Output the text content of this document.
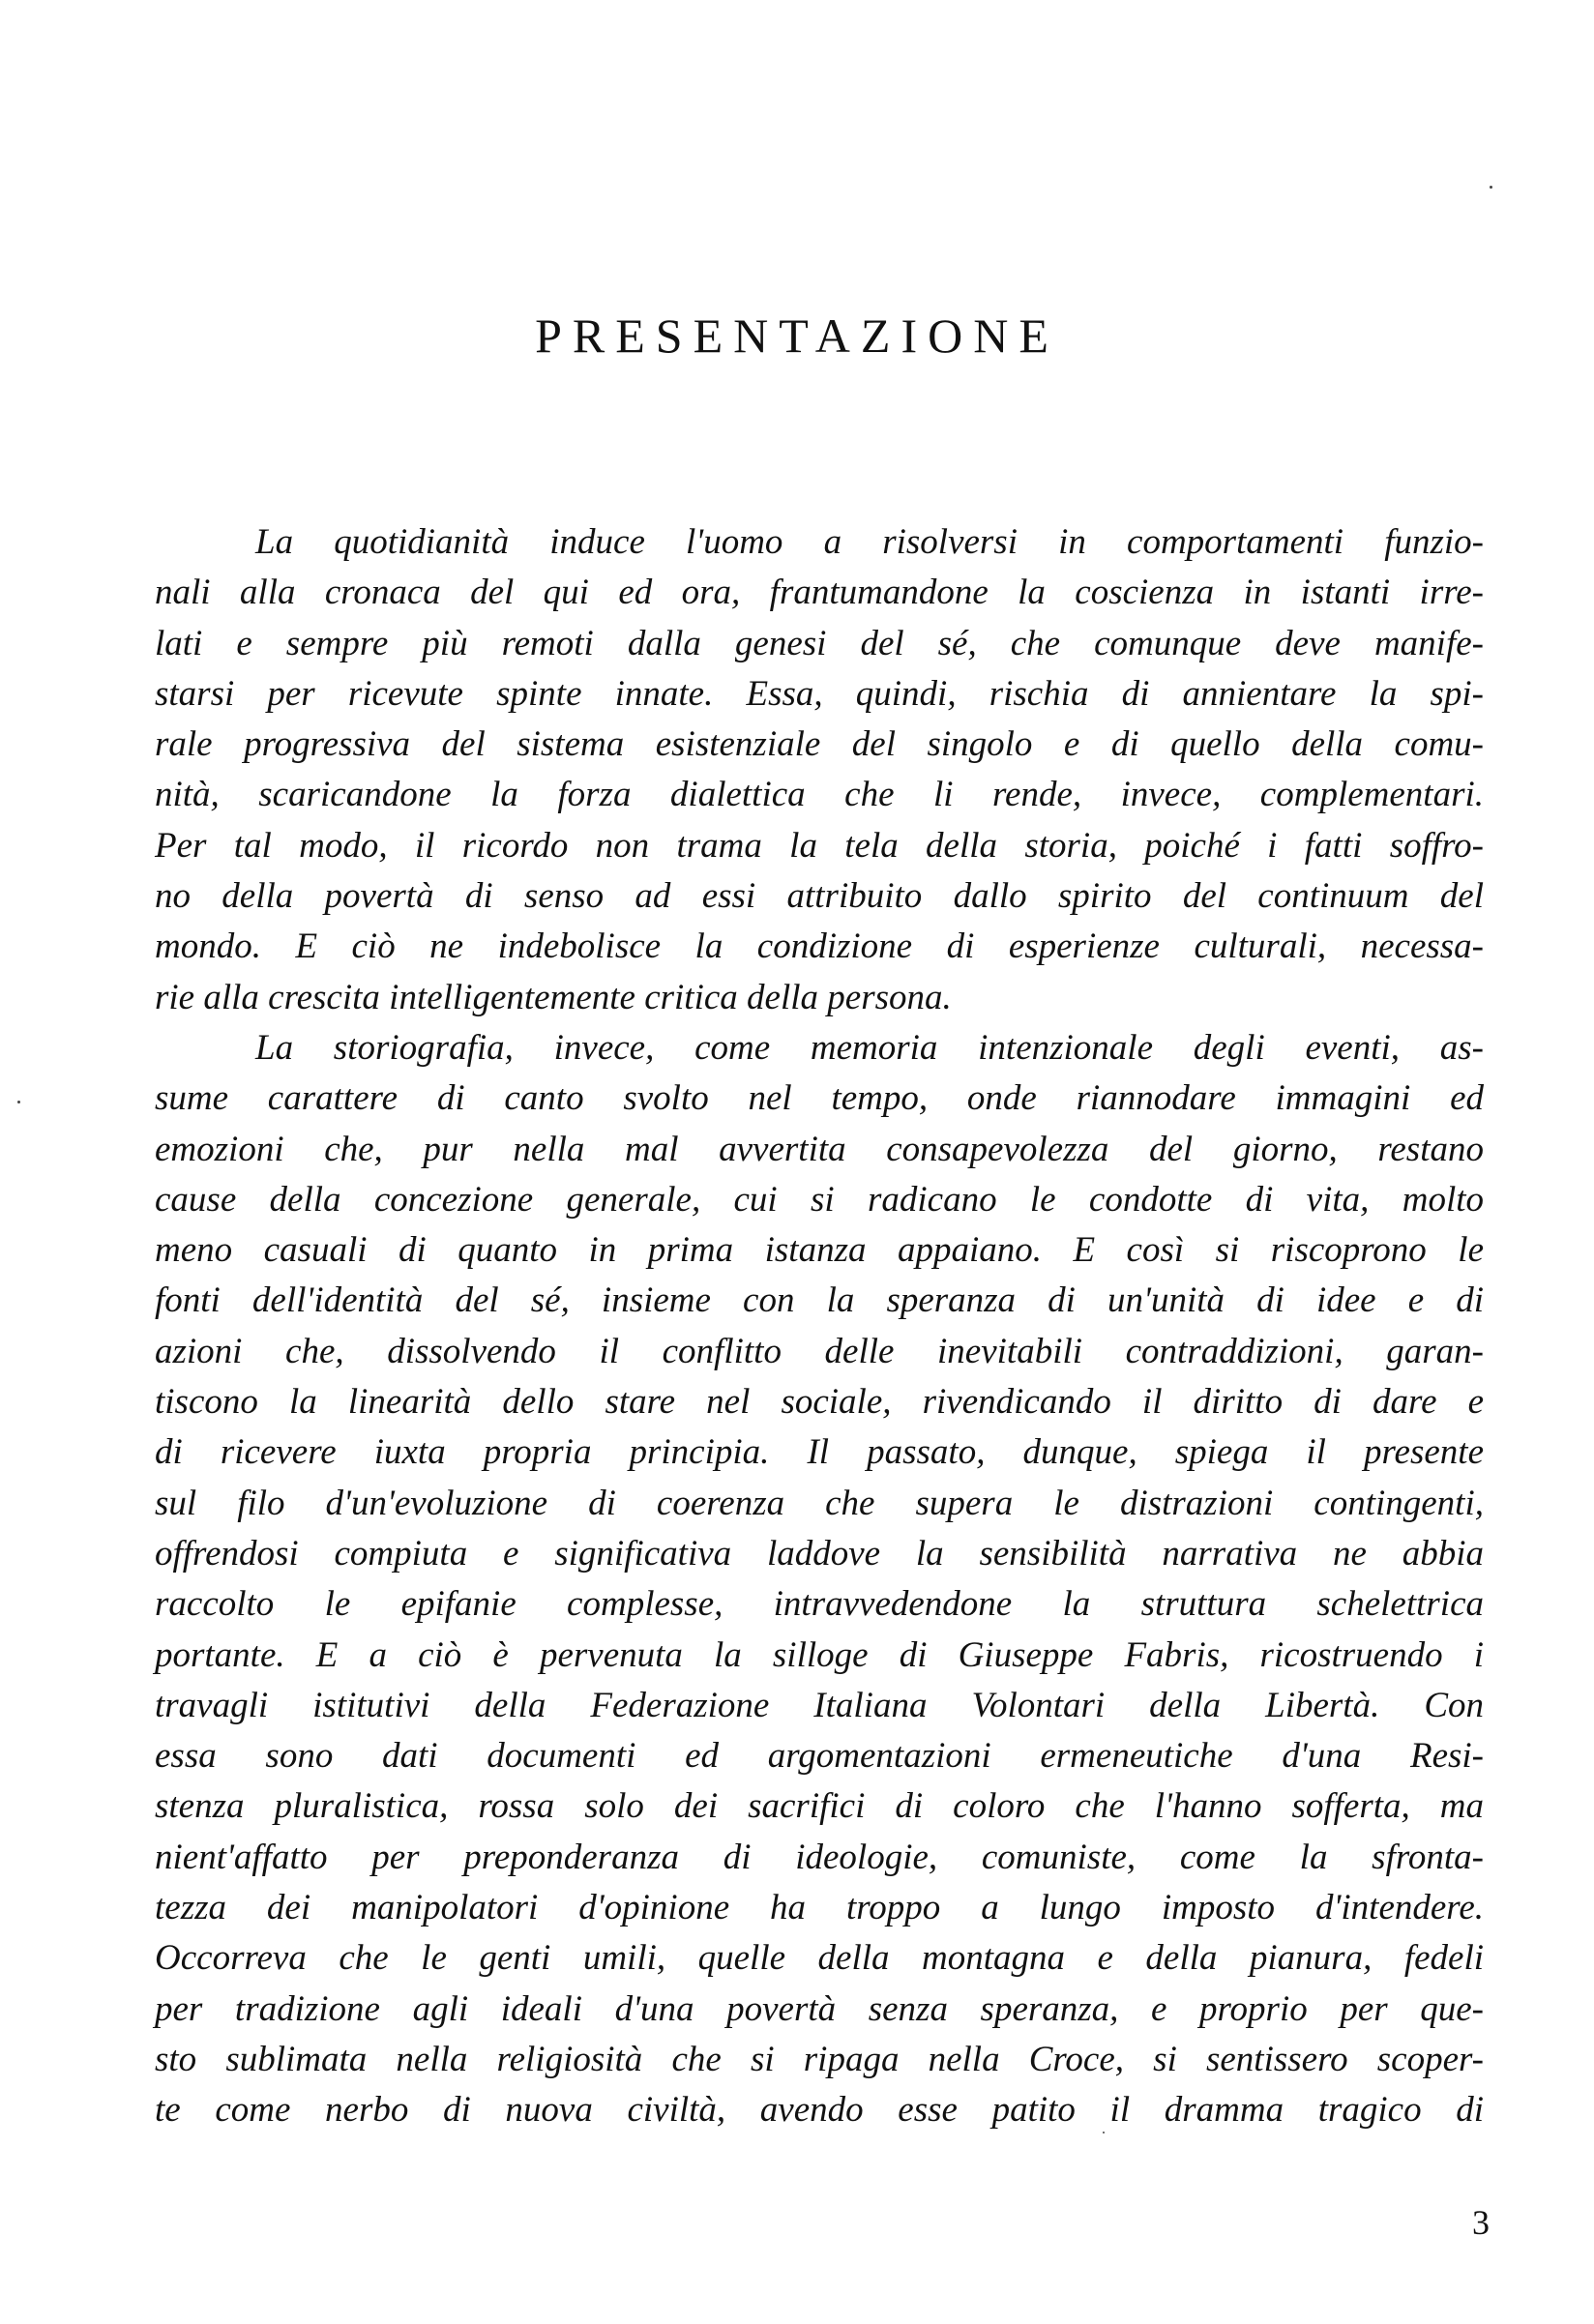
PRESENTAZIONE
La quotidianità induce l'uomo a risolversi in comportamenti funzio-
nali alla cronaca del qui ed ora, frantumandone la coscienza in istanti irre-
lati e sempre più remoti dalla genesi del sé, che comunque deve manife-
starsi per ricevute spinte innate. Essa, quindi, rischia di annientare la spi-
rale progressiva del sistema esistenziale del singolo e di quello della comu-
nità, scaricandone la forza dialettica che li rende, invece, complementari.
Per tal modo, il ricordo non trama la tela della storia, poiché i fatti soffro-
no della povertà di senso ad essi attribuito dallo spirito del continuum del
mondo. E ciò ne indebolisce la condizione di esperienze culturali, necessa-
rie alla crescita intelligentemente critica della persona.
La storiografia, invece, come memoria intenzionale degli eventi, as-
sume carattere di canto svolto nel tempo, onde riannodare immagini ed
emozioni che, pur nella mal avvertita consapevolezza del giorno, restano
cause della concezione generale, cui si radicano le condotte di vita, molto
meno casuali di quanto in prima istanza appaiano. E così si riscoprono le
fonti dell'identità del sé, insieme con la speranza di un'unità di idee e di
azioni che, dissolvendo il conflitto delle inevitabili contraddizioni, garan-
tiscono la linearità dello stare nel sociale, rivendicando il diritto di dare e
di ricevere iuxta propria principia. Il passato, dunque, spiega il presente
sul filo d'un'evoluzione di coerenza che supera le distrazioni contingenti,
offrendosi compiuta e significativa laddove la sensibilità narrativa ne abbia
raccolto le epifanie complesse, intravvedendone la struttura schelettrica
portante. E a ciò è pervenuta la silloge di Giuseppe Fabris, ricostruendo i
travagli istitutivi della Federazione Italiana Volontari della Libertà. Con
essa sono dati documenti ed argomentazioni ermeneutiche d'una Resi-
stenza pluralistica, rossa solo dei sacrifici di coloro che l'hanno sofferta, ma
nient'affatto per preponderanza di ideologie, comuniste, come la sfronta-
tezza dei manipolatori d'opinione ha troppo a lungo imposto d'intendere.
Occorreva che le genti umili, quelle della montagna e della pianura, fedeli
per tradizione agli ideali d'una povertà senza speranza, e proprio per que-
sto sublimata nella religiosità che si ripaga nella Croce, si sentissero scoper-
te come nerbo di nuova civiltà, avendo esse patito il dramma tragico di
3
